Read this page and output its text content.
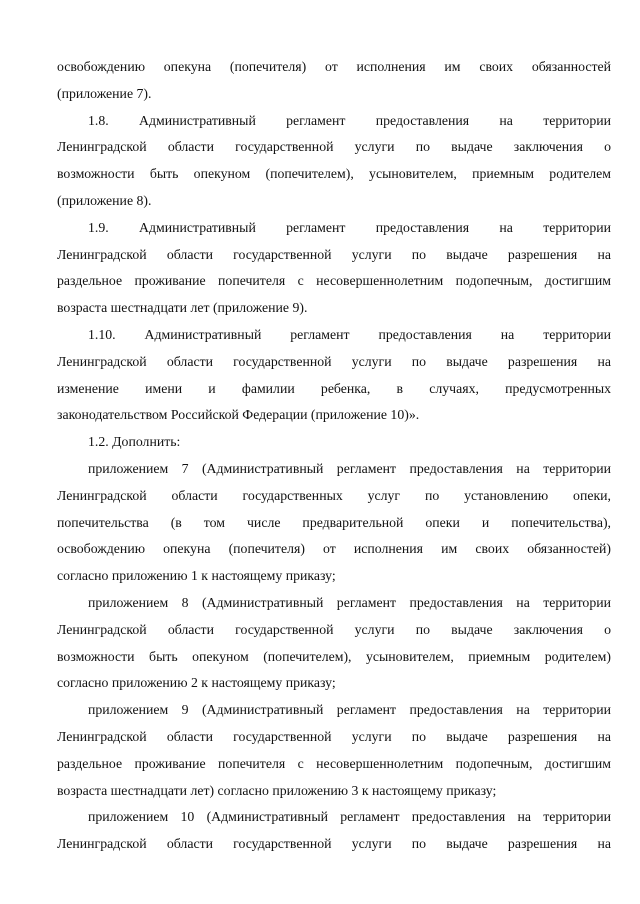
освобождению опекуна (попечителя) от исполнения им своих обязанностей
(приложение 7).
1.8. Административный регламент предоставления на территории
Ленинградской области государственной услуги по выдаче заключения о
возможности быть опекуном (попечителем), усыновителем, приемным родителем
(приложение 8).
1.9. Административный регламент предоставления на территории
Ленинградской области государственной услуги по выдаче разрешения на
раздельное проживание попечителя с несовершеннолетним подопечным, достигшим
возраста шестнадцати лет (приложение 9).
1.10. Административный регламент предоставления на территории
Ленинградской области государственной услуги по выдаче разрешения на
изменение имени и фамилии ребенка, в случаях, предусмотренных
законодательством Российской Федерации (приложение 10)».
1.2. Дополнить:
приложением 7 (Административный регламент предоставления на территории
Ленинградской области государственных услуг по установлению опеки,
попечительства (в том числе предварительной опеки и попечительства),
освобождению опекуна (попечителя) от исполнения им своих обязанностей)
согласно приложению 1 к настоящему приказу;
приложением 8 (Административный регламент предоставления на территории
Ленинградской области государственной услуги по выдаче заключения о
возможности быть опекуном (попечителем), усыновителем, приемным родителем)
согласно приложению 2 к настоящему приказу;
приложением 9 (Административный регламент предоставления на территории
Ленинградской области государственной услуги по выдаче разрешения на
раздельное проживание попечителя с несовершеннолетним подопечным, достигшим
возраста шестнадцати лет) согласно приложению 3 к настоящему приказу;
приложением 10 (Административный регламент предоставления на территории
Ленинградской области государственной услуги по выдаче разрешения на
